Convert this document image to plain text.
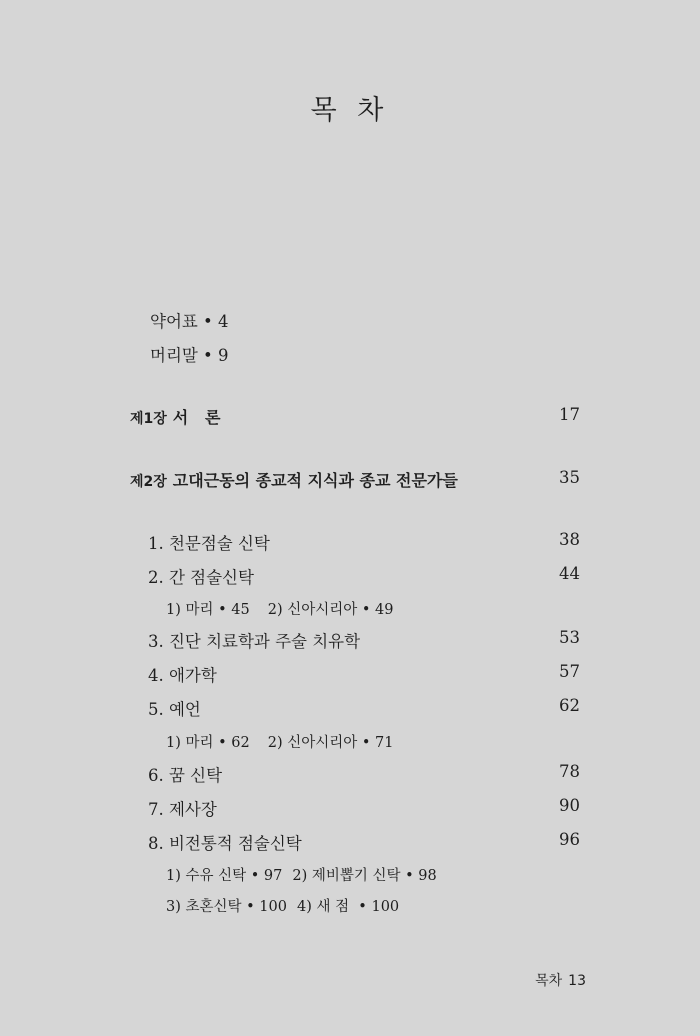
목 차
약어표 • 4
머리말 • 9
제1장 서   론	17
제2장 고대근동의 종교적 지식과 종교 전문가들	35
1. 천문점술 신탁	38
2. 간 점술신탁	44
1) 마리 • 45 2) 신아시리아 • 49
3. 진단 치료학과 주술 치유학	53
4. 애가학	57
5. 예언	62
1) 마리 • 62 2) 신아시리아 • 71
6. 꿈 신탁	78
7. 제사장	90
8. 비전통적 점술신탁	96
1) 수유 신탁 • 97 2) 제비뽑기 신탁 • 98
3) 초혼신탁 • 100 4) 새 점  • 100
목차 13
